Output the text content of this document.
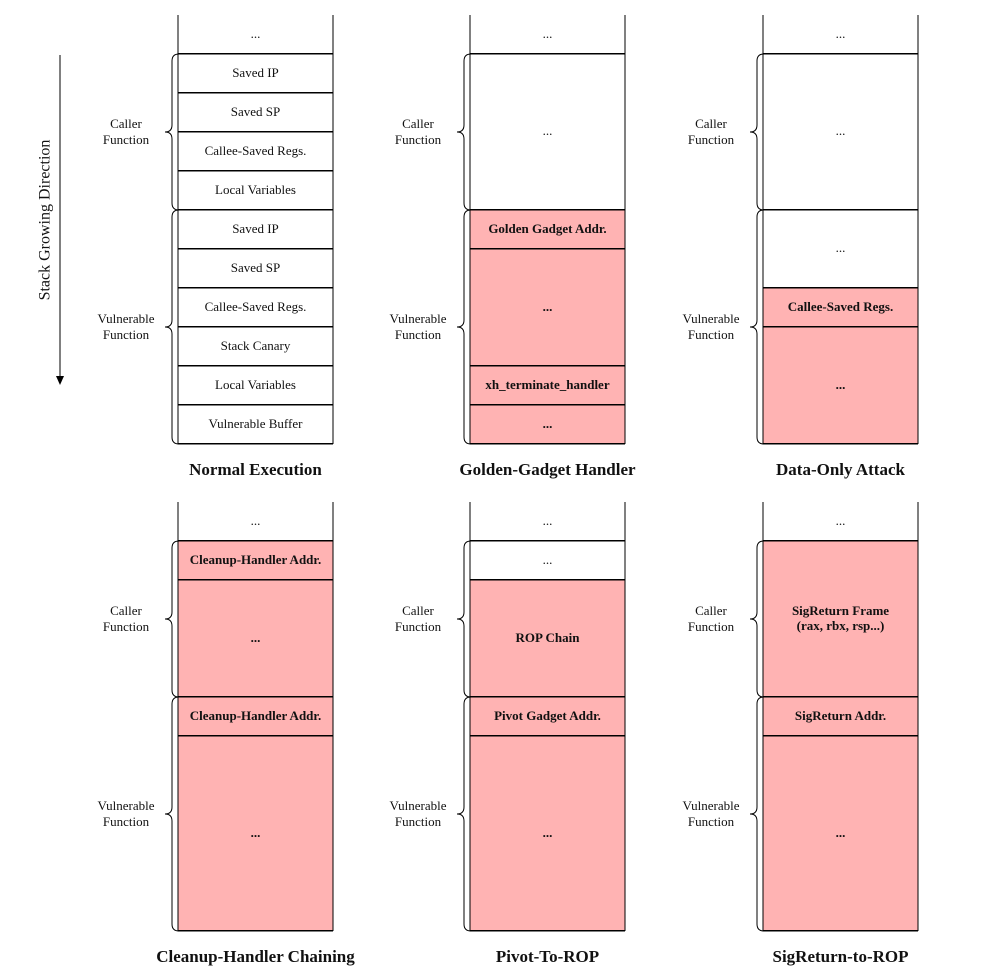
...
Saved IP
Saved SP
Callee-Saved Regs.
Local Variables
Saved IP
Saved SP
Callee-Saved Regs.
Stack Canary
Local Variables
Vulnerable Buffer
Caller
Function
Vulnerable
Function
Normal Execution
...
...
Golden Gadget Addr.
...
xh_terminate_handler
...
Caller
Function
Vulnerable
Function
Golden-Gadget Handler
...
...
...
Callee-Saved Regs.
...
Caller
Function
Vulnerable
Function
Data-Only Attack
...
Cleanup-Handler Addr.
...
Cleanup-Handler Addr.
...
Caller
Function
Vulnerable
Function
Cleanup-Handler Chaining
...
...
ROP Chain
Pivot Gadget Addr.
...
Caller
Function
Vulnerable
Function
Pivot-To-ROP
...
SigReturn Frame
(rax, rbx, rsp...)
SigReturn Addr.
...
Caller
Function
Vulnerable
Function
SigReturn-to-ROP
Stack Growing Direction
